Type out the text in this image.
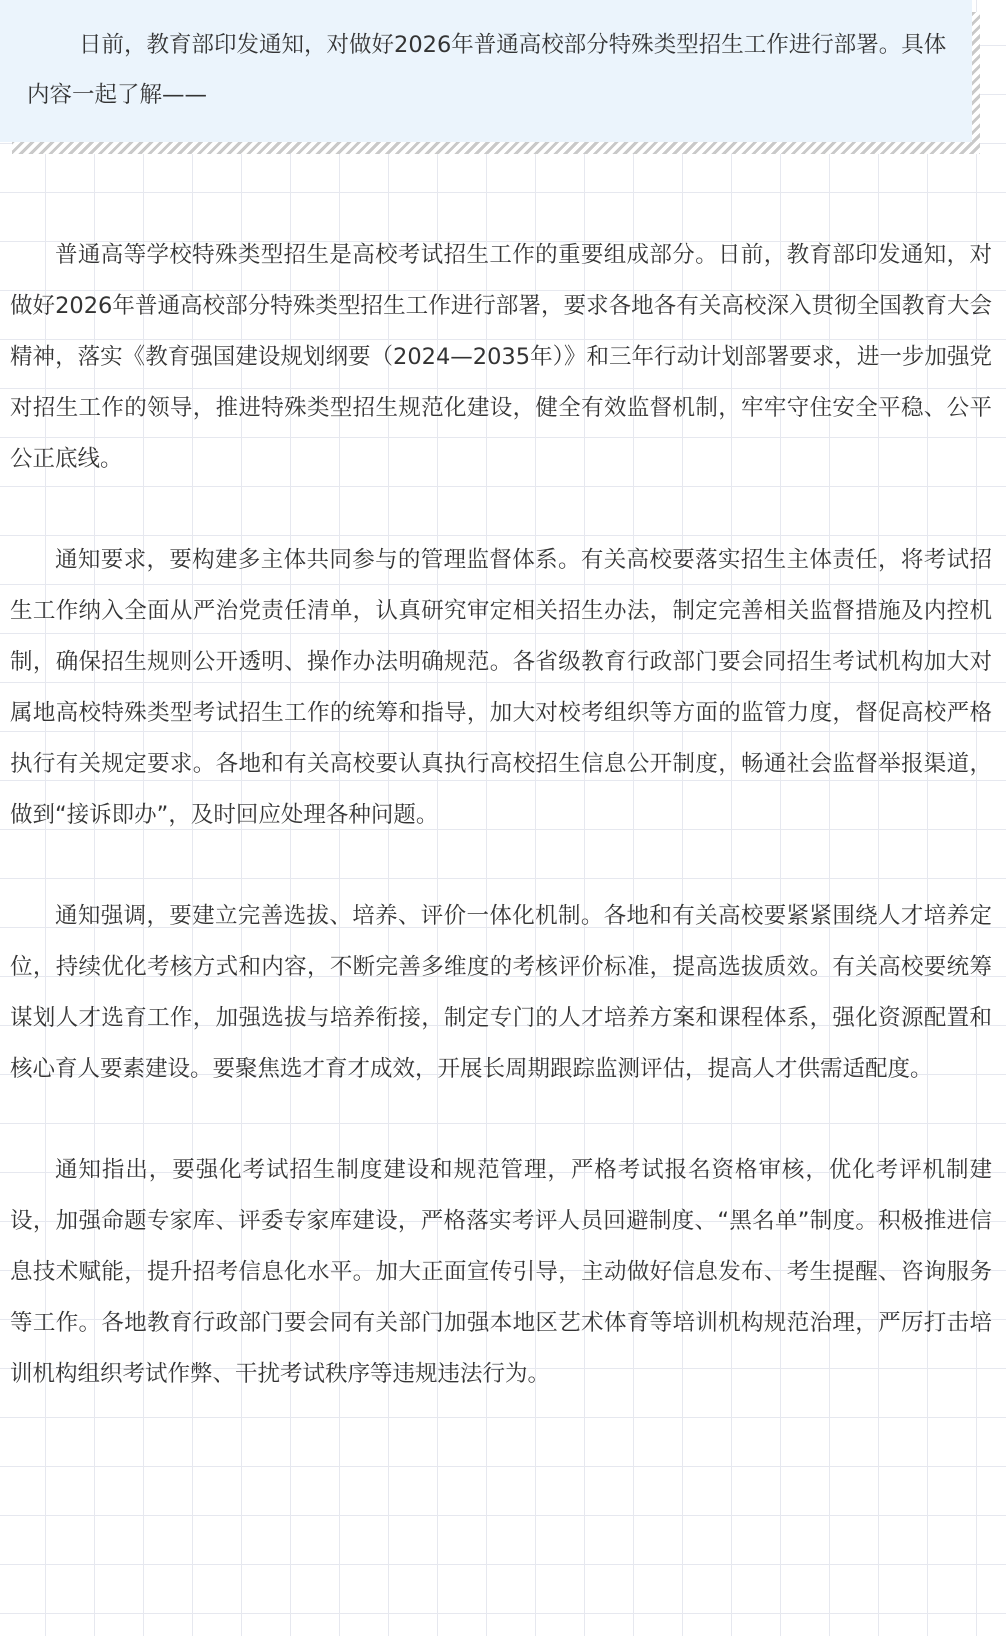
日前，教育部印发通知，对做好2026年普通高校部分特殊类型招生工作进行部署。具体内容一起了解——

普通高等学校特殊类型招生是高校考试招生工作的重要组成部分。日前，教育部印发通知，对做好2026年普通高校部分特殊类型招生工作进行部署，要求各地各有关高校深入贯彻全国教育大会精神，落实《教育强国建设规划纲要（2024—2035年）》和三年行动计划部署要求，进一步加强党对招生工作的领导，推进特殊类型招生规范化建设，健全有效监督机制，牢牢守住安全平稳、公平公正底线。

通知要求，要构建多主体共同参与的管理监督体系。有关高校要落实招生主体责任，将考试招生工作纳入全面从严治党责任清单，认真研究审定相关招生办法，制定完善相关监督措施及内控机制，确保招生规则公开透明、操作办法明确规范。各省级教育行政部门要会同招生考试机构加大对属地高校特殊类型考试招生工作的统筹和指导，加大对校考组织等方面的监管力度，督促高校严格执行有关规定要求。各地和有关高校要认真执行高校招生信息公开制度，畅通社会监督举报渠道，做到“接诉即办”，及时回应处理各种问题。

通知强调，要建立完善选拔、培养、评价一体化机制。各地和有关高校要紧紧围绕人才培养定位，持续优化考核方式和内容，不断完善多维度的考核评价标准，提高选拔质效。有关高校要统筹谋划人才选育工作，加强选拔与培养衔接，制定专门的人才培养方案和课程体系，强化资源配置和核心育人要素建设。要聚焦选才育才成效，开展长周期跟踪监测评估，提高人才供需适配度。

通知指出，要强化考试招生制度建设和规范管理，严格考试报名资格审核，优化考评机制建设，加强命题专家库、评委专家库建设，严格落实考评人员回避制度、“黑名单”制度。积极推进信息技术赋能，提升招考信息化水平。加大正面宣传引导，主动做好信息发布、考生提醒、咨询服务等工作。各地教育行政部门要会同有关部门加强本地区艺术体育等培训机构规范治理，严厉打击培训机构组织考试作弊、干扰考试秩序等违规违法行为。
